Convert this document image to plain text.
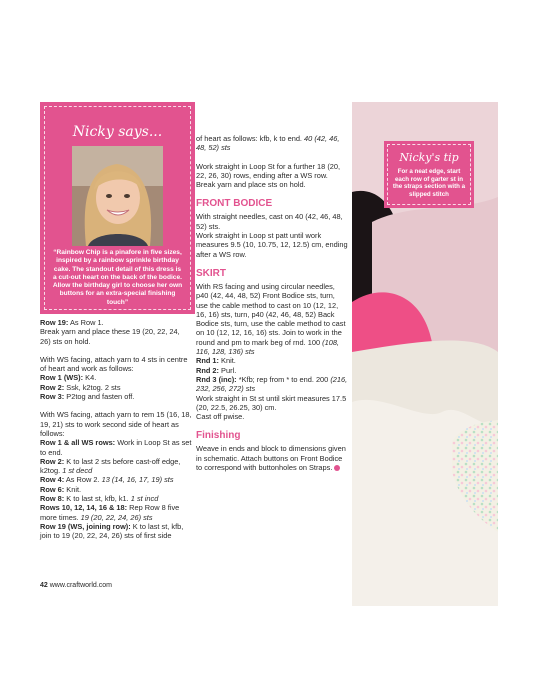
Nicky says...
“Rainbow Chip is a pinafore in five sizes, inspired by a rainbow sprinkle birthday cake. The standout detail of this dress is a cut-out heart on the back of the bodice. Allow the birthday girl to choose her own buttons for an extra-special finishing touch”

Row 19: As Row 1.

Break yarn and place these 19 (20, 22, 24, 26) sts on hold.

With WS facing, attach yarn to 4 sts in centre of heart and work as follows:

Row 1 (WS): K4.

Row 2: Ssk, k2tog. 2 sts

Row 3: P2tog and fasten off.

With WS facing, attach yarn to rem 15 (16, 18, 19, 21) sts to work second side of heart as follows:

Row 1 & all WS rows: Work in Loop St as set to end.

Row 2: K to last 2 sts before cast-off edge, k2tog. 1 st decd

Row 4: As Row 2. 13 (14, 16, 17, 19) sts

Row 6: Knit.

Row 8: K to last st, kfb, k1. 1 st incd

Rows 10, 12, 14, 16 & 18: Rep Row 8 five more times. 19 (20, 22, 24, 26) sts

Row 19 (WS, joining row): K to last st, kfb, join to 19 (20, 22, 24, 26) sts of first side

of heart as follows: kfb, k to end. 40 (42, 46, 48, 52) sts

Work straight in Loop St for a further 18 (20, 22, 26, 30) rows, ending after a WS row.

Break yarn and place sts on hold.

FRONT BODICE

With straight needles, cast on 40 (42, 46, 48, 52) sts.

Work straight in Loop st patt until work measures 9.5 (10, 10.75, 12, 12.5) cm, ending after a WS row.

SKIRT

With RS facing and using circular needles, p40 (42, 44, 48, 52) Front Bodice sts, turn, use the cable method to cast on 10 (12, 12, 16, 16) sts, turn, p40 (42, 46, 48, 52) Back Bodice sts, turn, use the cable method to cast on 10 (12, 12, 16, 16) sts. Join to work in the round and pm to mark beg of rnd. 100 (108, 116, 128, 136) sts

Rnd 1: Knit.

Rnd 2: Purl.

Rnd 3 (inc): *Kfb; rep from * to end. 200 (216, 232, 256, 272) sts

Work straight in St st until skirt measures 17.5 (20, 22.5, 26.25, 30) cm.

Cast off pwise.

Finishing

Weave in ends and block to dimensions given in schematic. Attach buttons on Front Bodice to correspond with buttonholes on Straps.

42 www.craftworld.com
Nicky's tip
For a neat edge, start each row of garter st in the straps section with a slipped stitch
